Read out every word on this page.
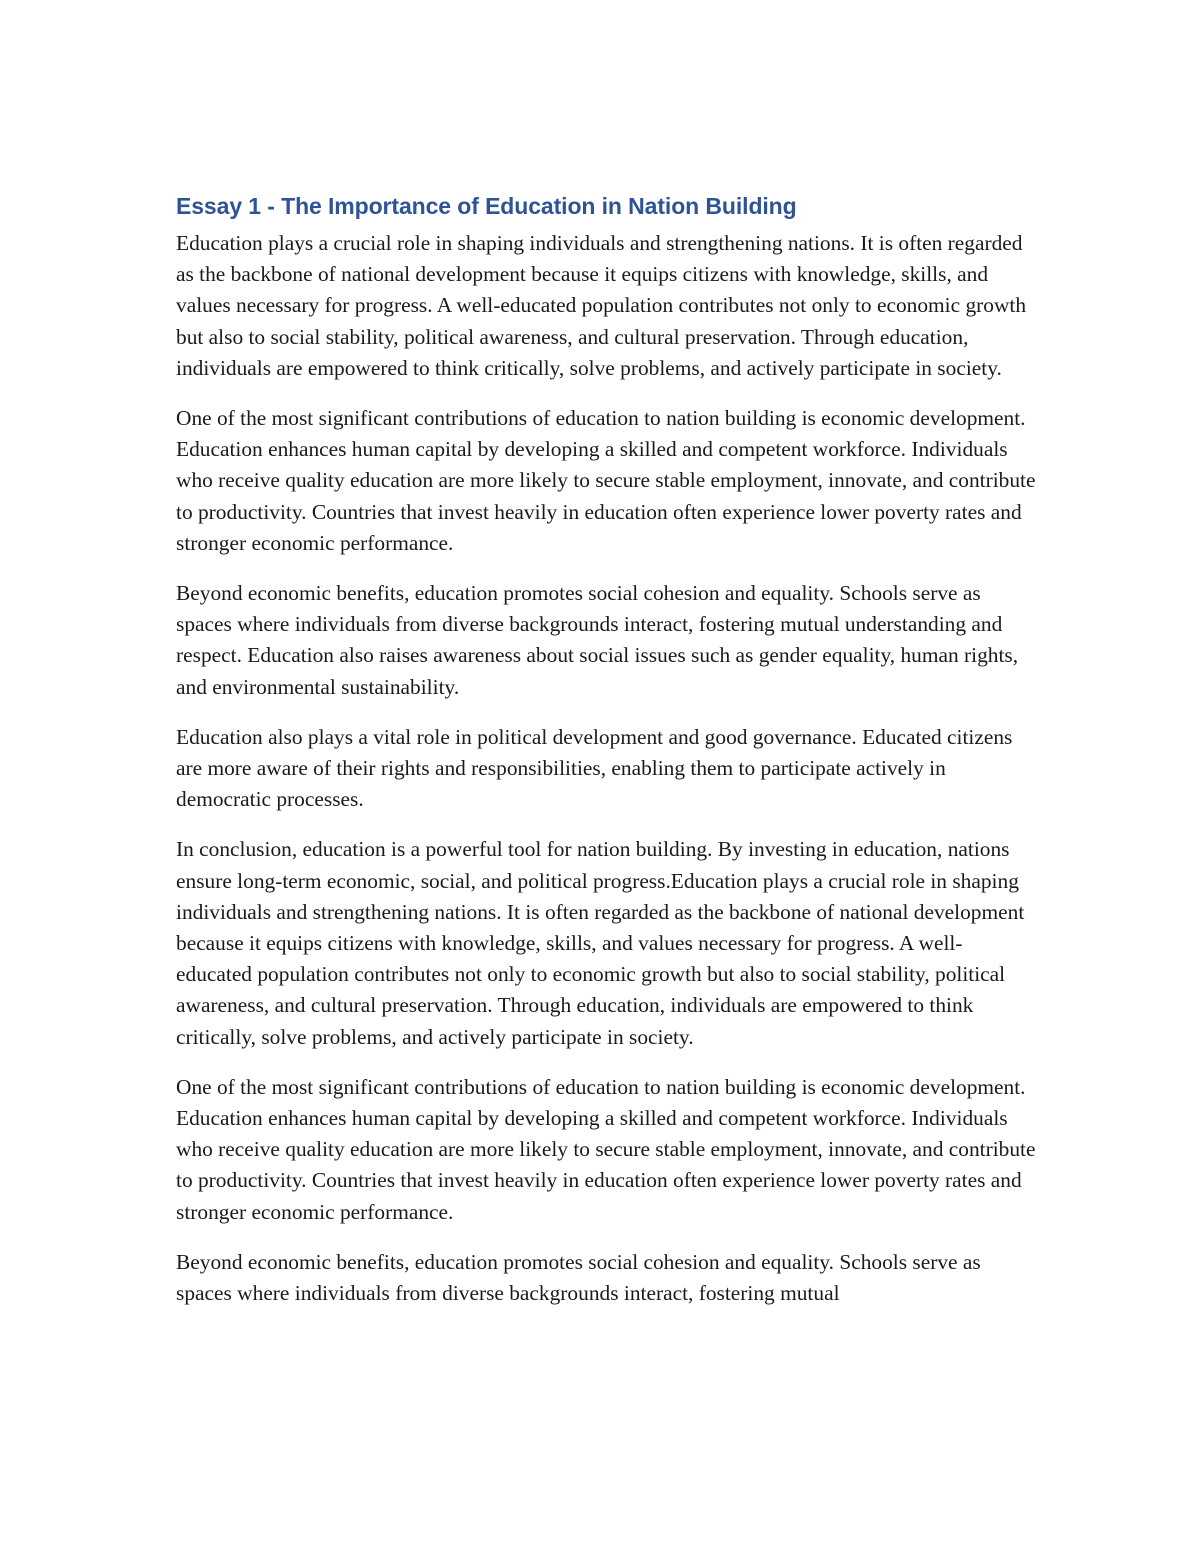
Essay 1 - The Importance of Education in Nation Building

Education plays a crucial role in shaping individuals and strengthening nations. It is often regarded as the backbone of national development because it equips citizens with knowledge, skills, and values necessary for progress. A well-educated population contributes not only to economic growth but also to social stability, political awareness, and cultural preservation. Through education, individuals are empowered to think critically, solve problems, and actively participate in society.

One of the most significant contributions of education to nation building is economic development. Education enhances human capital by developing a skilled and competent workforce. Individuals who receive quality education are more likely to secure stable employment, innovate, and contribute to productivity. Countries that invest heavily in education often experience lower poverty rates and stronger economic performance.

Beyond economic benefits, education promotes social cohesion and equality. Schools serve as spaces where individuals from diverse backgrounds interact, fostering mutual understanding and respect. Education also raises awareness about social issues such as gender equality, human rights, and environmental sustainability.

Education also plays a vital role in political development and good governance. Educated citizens are more aware of their rights and responsibilities, enabling them to participate actively in democratic processes.

In conclusion, education is a powerful tool for nation building. By investing in education, nations ensure long-term economic, social, and political progress.Education plays a crucial role in shaping individuals and strengthening nations. It is often regarded as the backbone of national development because it equips citizens with knowledge, skills, and values necessary for progress. A well-educated population contributes not only to economic growth but also to social stability, political awareness, and cultural preservation. Through education, individuals are empowered to think critically, solve problems, and actively participate in society.

One of the most significant contributions of education to nation building is economic development. Education enhances human capital by developing a skilled and competent workforce. Individuals who receive quality education are more likely to secure stable employment, innovate, and contribute to productivity. Countries that invest heavily in education often experience lower poverty rates and stronger economic performance.

Beyond economic benefits, education promotes social cohesion and equality. Schools serve as spaces where individuals from diverse backgrounds interact, fostering mutual
